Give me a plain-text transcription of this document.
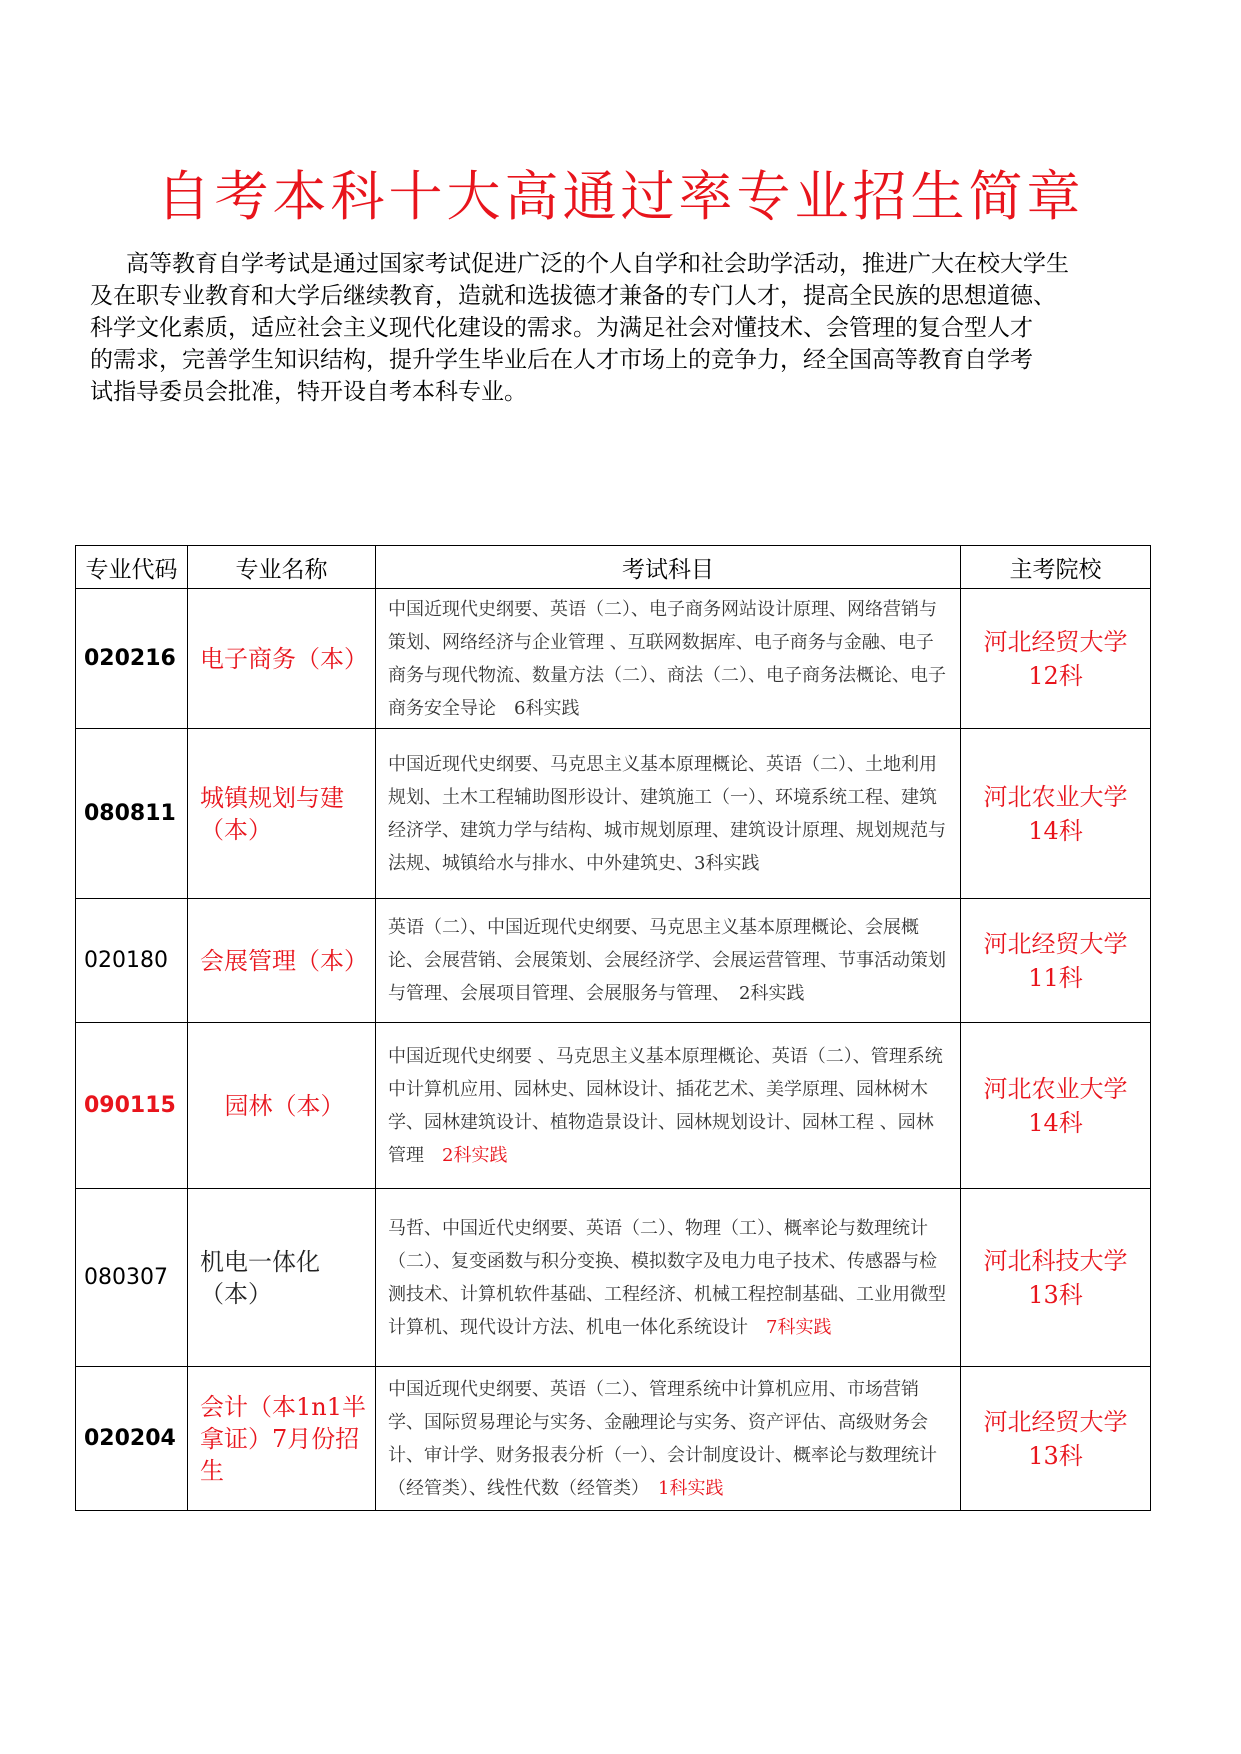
自考本科十大高通过率专业招生简章
高等教育自学考试是通过国家考试促进广泛的个人自学和社会助学活动，推进广大在校大学生
及在职专业教育和大学后继续教育，造就和选拔德才兼备的专门人才，提高全民族的思想道德、
科学文化素质，适应社会主义现代化建设的需求。为满足社会对懂技术、会管理的复合型人才
的需求，完善学生知识结构，提升学生毕业后在人才市场上的竞争力，经全国高等教育自学考
试指导委员会批准，特开设自考本科专业。
专业代码	专业名称	考试科目	主考院校
020216	电子商务（本）	中国近现代史纲要、英语（二）、电子商务网站设计原理、网络营销与策划、网络经济与企业管理 、互联网数据库、电子商务与金融、电子商务与现代物流、数量方法（二）、商法（二）、电子商务法概论、电子商务安全导论　 6科实践	河北经贸大学
12科

080811	城镇规划与建（本）	中国近现代史纲要、马克思主义基本原理概论、英语（二）、土地利用规划、土木工程辅助图形设计、建筑施工（一）、环境系统工程、建筑经济学、建筑力学与结构、城市规划原理、建筑设计原理、规划规范与法规、城镇给水与排水、中外建筑史、3科实践	河北农业大学
14科

020180	会展管理（本）	英语（二）、中国近现代史纲要、马克思主义基本原理概论、会展概论、会展营销、会展策划、会展经济学、会展运营管理、节事活动策划与管理、会展项目管理、会展服务与管理、　 2科实践	河北经贸大学
11科

090115	园林（本）	中国近现代史纲要 、马克思主义基本原理概论、英语（二）、管理系统中计算机应用、园林史、园林设计、插花艺术、美学原理、园林树木学、园林建筑设计、植物造景设计、园林规划设计、园林工程 、园林管理　 2科实践	河北农业大学
14科

080307	机电一体化（本）	马哲、中国近代史纲要、英语（二）、物理（工）、概率论与数理统计（二）、复变函数与积分变换、模拟数字及电力电子技术、传感器与检测技术、计算机软件基础、工程经济、机械工程控制基础、工业用微型计算机、现代设计方法、机电一体化系统设计　 7科实践	河北科技大学
13科

020204	会计（本1n1半拿证）7月份招生	中国近现代史纲要、英语（二）、管理系统中计算机应用、市场营销学、国际贸易理论与实务、金融理论与实务、资产评估、高级财务会计、审计学、财务报表分析（一）、会计制度设计、概率论与数理统计（经管类）、线性代数（经管类）　 1科实践	河北经贸大学
13科
